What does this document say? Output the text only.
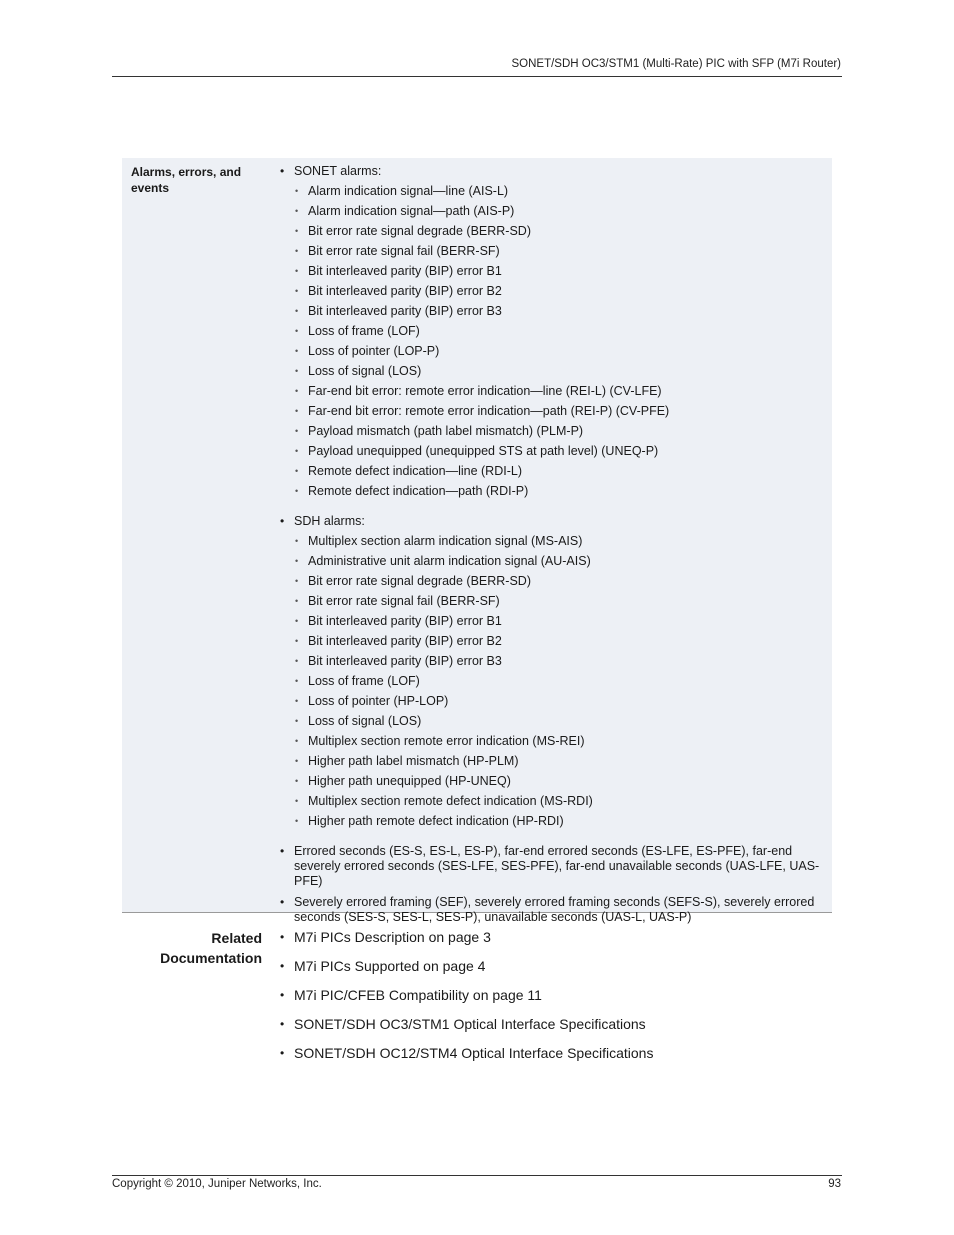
SONET/SDH OC3/STM1 (Multi-Rate) PIC with SFP (M7i Router)
Alarms, errors, and events
• SONET alarms:
• Alarm indication signal—line (AIS-L)
• Alarm indication signal—path (AIS-P)
• Bit error rate signal degrade (BERR-SD)
• Bit error rate signal fail (BERR-SF)
• Bit interleaved parity (BIP) error B1
• Bit interleaved parity (BIP) error B2
• Bit interleaved parity (BIP) error B3
• Loss of frame (LOF)
• Loss of pointer (LOP-P)
• Loss of signal (LOS)
• Far-end bit error: remote error indication—line (REI-L) (CV-LFE)
• Far-end bit error: remote error indication—path (REI-P) (CV-PFE)
• Payload mismatch (path label mismatch) (PLM-P)
• Payload unequipped (unequipped STS at path level) (UNEQ-P)
• Remote defect indication—line (RDI-L)
• Remote defect indication—path (RDI-P)
• SDH alarms:
• Multiplex section alarm indication signal (MS-AIS)
• Administrative unit alarm indication signal (AU-AIS)
• Bit error rate signal degrade (BERR-SD)
• Bit error rate signal fail (BERR-SF)
• Bit interleaved parity (BIP) error B1
• Bit interleaved parity (BIP) error B2
• Bit interleaved parity (BIP) error B3
• Loss of frame (LOF)
• Loss of pointer (HP-LOP)
• Loss of signal (LOS)
• Multiplex section remote error indication (MS-REI)
• Higher path label mismatch (HP-PLM)
• Higher path unequipped (HP-UNEQ)
• Multiplex section remote defect indication (MS-RDI)
• Higher path remote defect indication (HP-RDI)
• Errored seconds (ES-S, ES-L, ES-P), far-end errored seconds (ES-LFE, ES-PFE), far-end severely errored seconds (SES-LFE, SES-PFE), far-end unavailable seconds (UAS-LFE, UAS-PFE)
• Severely errored framing (SEF), severely errored framing seconds (SEFS-S), severely errored seconds (SES-S, SES-L, SES-P), unavailable seconds (UAS-L, UAS-P)
Related
Documentation
• M7i PICs Description on page 3
• M7i PICs Supported on page 4
• M7i PIC/CFEB Compatibility on page 11
• SONET/SDH OC3/STM1 Optical Interface Specifications
• SONET/SDH OC12/STM4 Optical Interface Specifications
Copyright © 2010, Juniper Networks, Inc.	93
